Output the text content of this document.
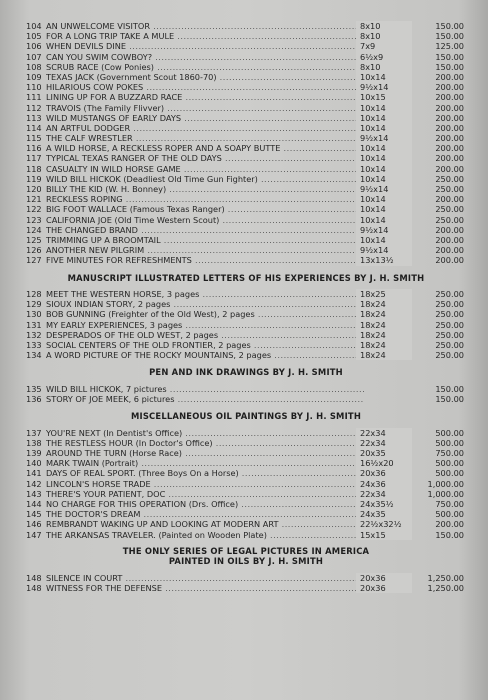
104 AN UNWELCOME VISITOR .....	8x10	150.00
105 FOR A LONG TRIP TAKE A MULE .....	8x10	150.00
106 WHEN DEVILS DINE .....	7x9	125.00
107 CAN YOU SWIM COWBOY? .....	6½x9	150.00
108 SCRUB RACE (Cow Ponies) .....	8x10	150.00
109 TEXAS JACK (Government Scout 1860-70) .....	10x14	200.00
110 HILARIOUS COW POKES .....	9½x14	200.00
111 LINING UP FOR A BUZZARD RACE .....	10x15	200.00
112 TRAVOIS (The Family Flivver) .....	10x14	200.00
113 WILD MUSTANGS OF EARLY DAYS .....	10x14	200.00
114 AN ARTFUL DODGER .....	10x14	200.00
115 THE CALF WRESTLER .....	9½x14	200.00
116 A WILD HORSE, A RECKLESS ROPER AND A SOAPY BUTTE .....	10x14	200.00
117 TYPICAL TEXAS RANGER OF THE OLD DAYS .....	10x14	200.00
118 CASUALTY IN WILD HORSE GAME .....	10x14	200.00
119 WILD BILL HICKOK (Deadliest Old Time Gun Fighter) .....	10x14	250.00
120 BILLY THE KID (W. H. Bonney) .....	9½x14	250.00
121 RECKLESS ROPING .....	10x14	200.00
122 BIG FOOT WALLACE (Famous Texas Ranger) .....	10x14	250.00
123 CALIFORNIA JOE (Old Time Western Scout) .....	10x14	250.00
124 THE CHANGED BRAND .....	9½x14	200.00
125 TRIMMING UP A BROOMTAIL .....	10x14	200.00
126 ANOTHER NEW PILGRIM .....	9½x14	200.00
127 FIVE MINUTES FOR REFRESHMENTS .....	13x13½	200.00
MANUSCRIPT ILLUSTRATED LETTERS OF HIS EXPERIENCES BY J. H. SMITH
128 MEET THE WESTERN HORSE, 3 pages .....	18x25	250.00
129 SIOUX INDIAN STORY, 2 pages .....	18x24	250.00
130 BOB GUNNING (Freighter of the Old West), 2 pages .....	18x24	250.00
131 MY EARLY EXPERIENCES, 3 pages .....	18x24	250.00
132 DESPERADOS OF THE OLD WEST, 2 pages .....	18x24	250.00
133 SOCIAL CENTERS OF THE OLD FRONTIER, 2 pages .....	18x24	250.00
134 A WORD PICTURE OF THE ROCKY MOUNTAINS, 2 pages .....	18x24	250.00
PEN AND INK DRAWINGS BY J. H. SMITH
135 WILD BILL HICKOK, 7 pictures .....	150.00
136 STORY OF JOE MEEK, 6 pictures .....	150.00
MISCELLANEOUS OIL PAINTINGS BY J. H. SMITH
137 YOU'RE NEXT (In Dentist's Office) .....	22x34	500.00
138 THE RESTLESS HOUR (In Doctor's Office) .....	22x34	500.00
139 AROUND THE TURN (Horse Race) .....	20x35	750.00
140 MARK TWAIN (Portrait) .....	16½x20	500.00
141 DAYS OF REAL SPORT. (Three Boys On a Horse) .....	20x36	500.00
142 LINCOLN'S HORSE TRADE .....	24x36	1,000.00
143 THERE'S YOUR PATIENT, DOC .....	22x34	1,000.00
144 NO CHARGE FOR THIS OPERATION (Drs. Office) .....	24x35½	750.00
145 THE DOCTOR'S DREAM .....	24x35	500.00
146 REMBRANDT WAKING UP AND LOOKING AT MODERN ART .....	22½x32½	200.00
147 THE ARKANSAS TRAVELER. (Painted on Wooden Plate) .....	15x15	150.00
THE ONLY SERIES OF LEGAL PICTURES IN AMERICA
PAINTED IN OILS BY J. H. SMITH
148 SILENCE IN COURT .....	20x36	1,250.00
148 WITNESS FOR THE DEFENSE .....	20x36	1,250.00
